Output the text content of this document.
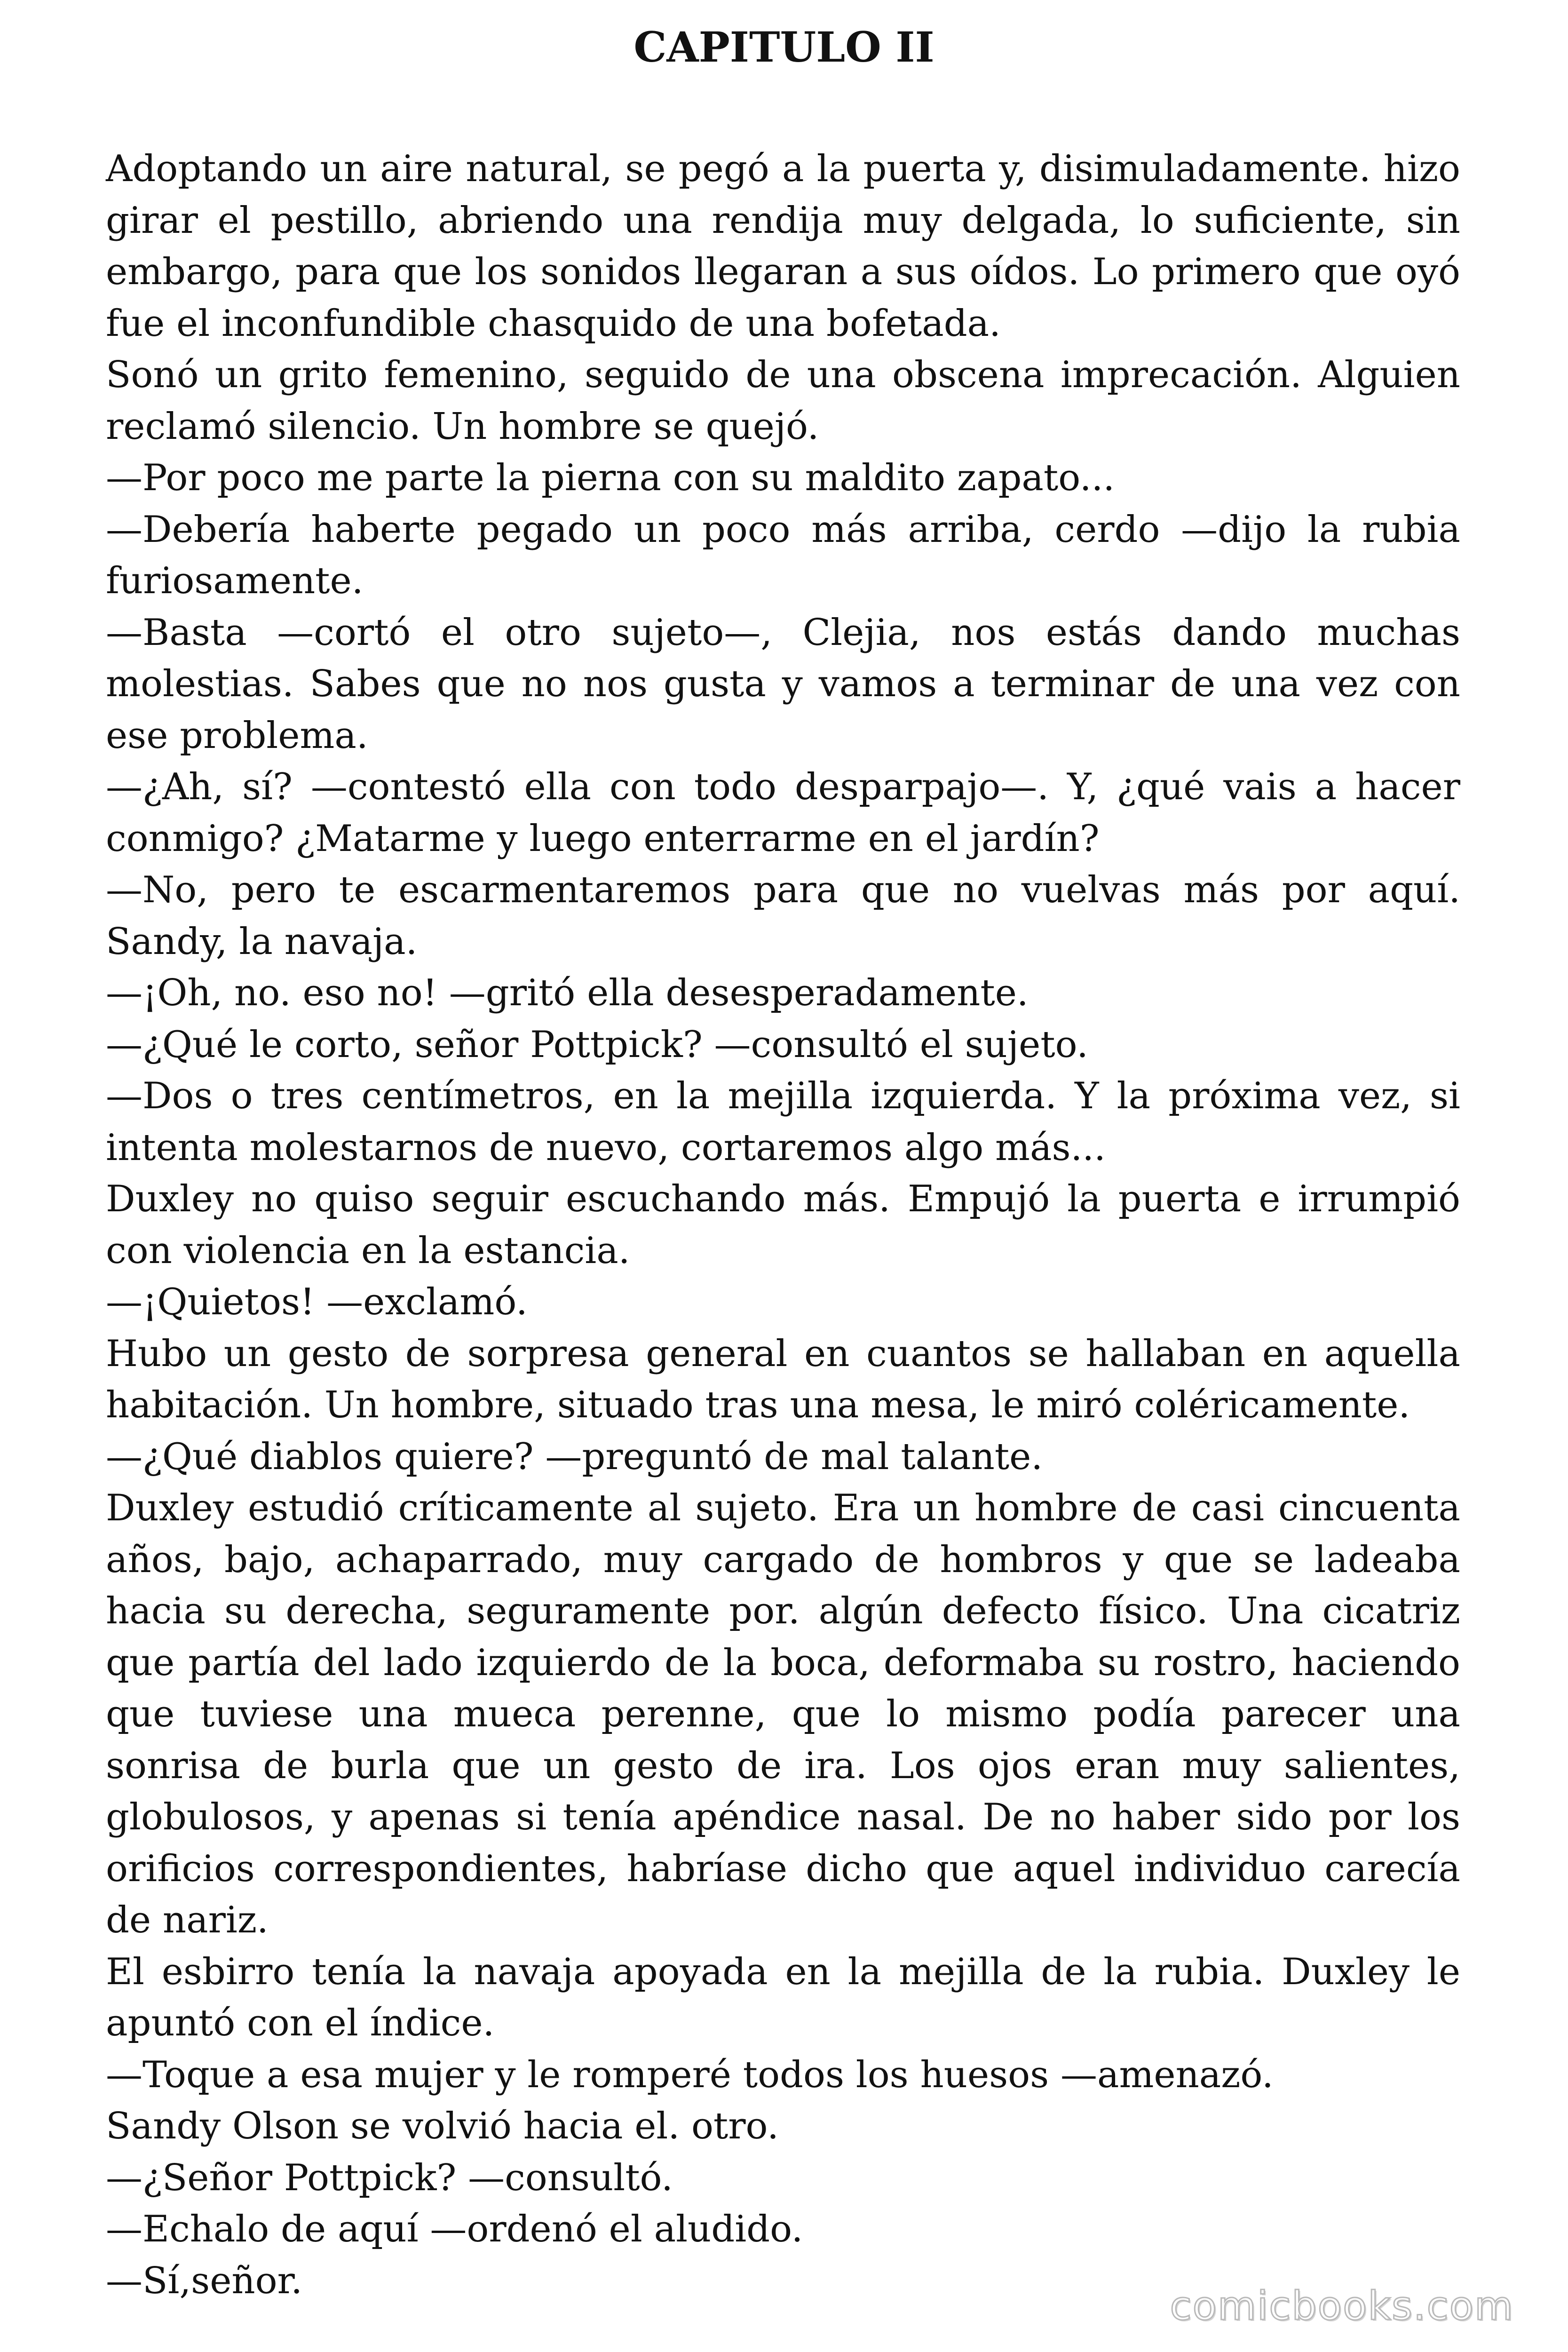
CAPITULO II

Adoptando un aire natural, se pegó a la puerta y, disimuladamente. hizo girar el pestillo, abriendo una rendija muy delgada, lo suficiente, sin embargo, para que los sonidos llegaran a sus oídos. Lo primero que oyó fue el inconfundible chasquido de una bofetada.

Sonó un grito femenino, seguido de una obscena imprecación. Alguien reclamó silencio. Un hombre se quejó.

—Por poco me parte la pierna con su maldito zapato...

—Debería haberte pegado un poco más arriba, cerdo —dijo la rubia furiosamente.

—Basta —cortó el otro sujeto—, Clejia, nos estás dando muchas molestias. Sabes que no nos gusta y vamos a terminar de una vez con ese problema.

—¿Ah, sí? —contestó ella con todo desparpajo—. Y, ¿qué vais a hacer conmigo? ¿Matarme y luego enterrarme en el jardín?

—No, pero te escarmentaremos para que no vuelvas más por aquí. Sandy, la navaja.

—¡Oh, no. eso no! —gritó ella desesperadamente.

—¿Qué le corto, señor Pottpick? —consultó el sujeto.

—Dos o tres centímetros, en la mejilla izquierda. Y la próxima vez, si intenta molestarnos de nuevo, cortaremos algo más...

Duxley no quiso seguir escuchando más. Empujó la puerta e irrumpió con violencia en la estancia.

—¡Quietos! —exclamó.

Hubo un gesto de sorpresa general en cuantos se hallaban en aquella habitación. Un hombre, situado tras una mesa, le miró coléricamente.

—¿Qué diablos quiere? —preguntó de mal talante.

Duxley estudió críticamente al sujeto. Era un hombre de casi cincuenta años, bajo, achaparrado, muy cargado de hombros y que se ladeaba hacia su derecha, seguramente por. algún defecto físico. Una cicatriz que partía del lado izquierdo de la boca, deformaba su rostro, haciendo que tuviese una mueca perenne, que lo mismo podía parecer una sonrisa de burla que un gesto de ira. Los ojos eran muy salientes, globulosos, y apenas si tenía apéndice nasal. De no haber sido por los orificios correspondientes, habríase dicho que aquel individuo carecía de nariz.

El esbirro tenía la navaja apoyada en la mejilla de la rubia. Duxley le apuntó con el índice.

—Toque a esa mujer y le romperé todos los huesos —amenazó.

Sandy Olson se volvió hacia el. otro.

—¿Señor Pottpick? —consultó.

—Echalo de aquí —ordenó el aludido.

—Sí,señor.

comicbooks.com
